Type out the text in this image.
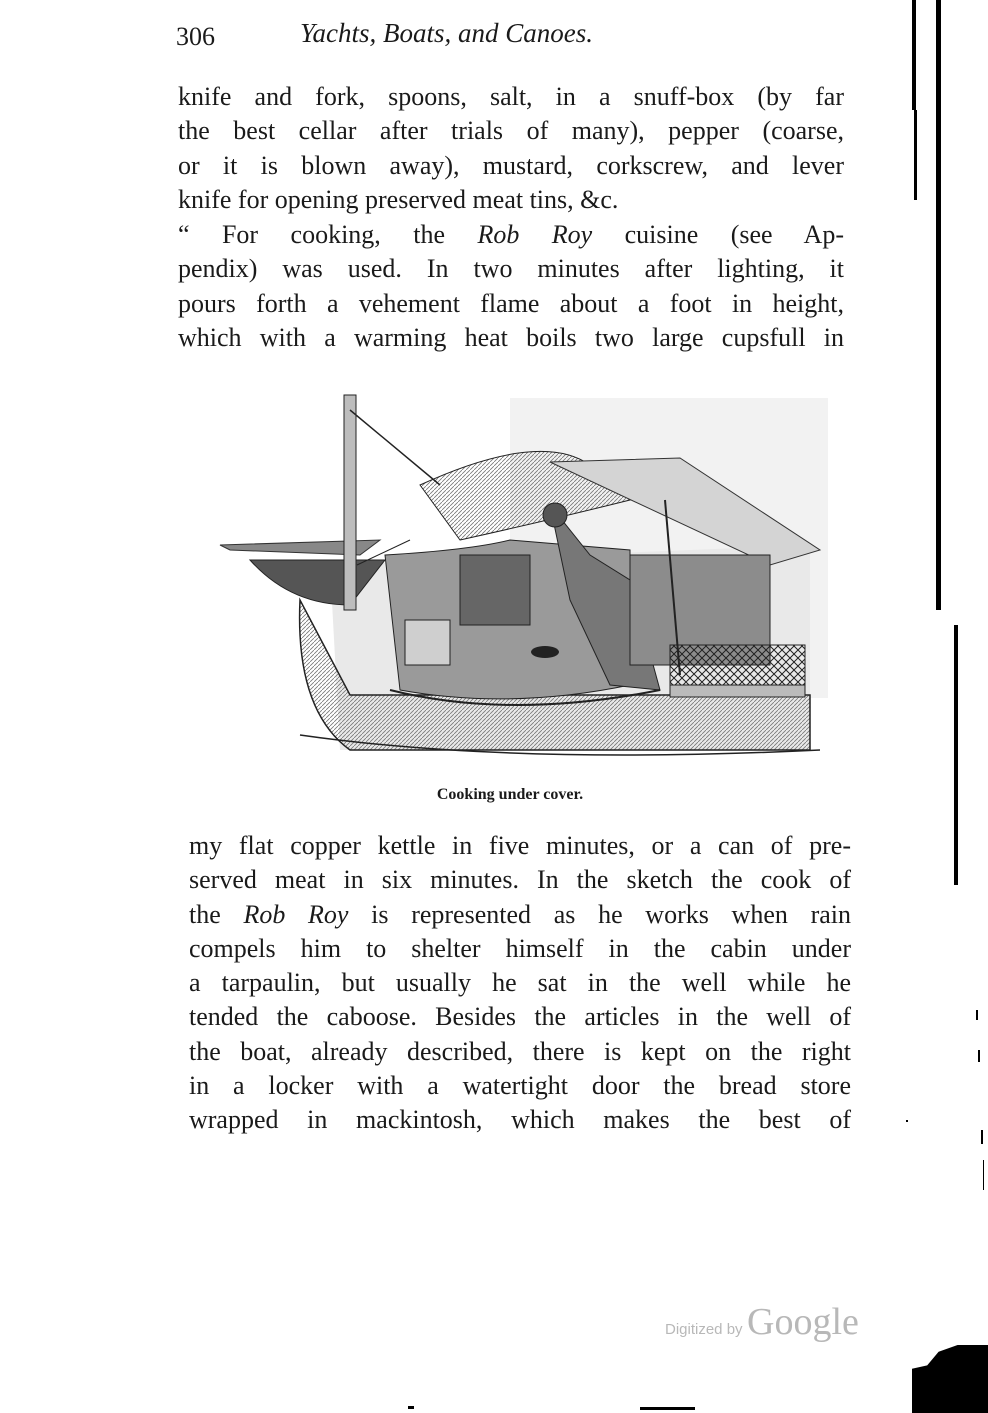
306	Yachts, Boats, and Canoes.

knife and fork, spoons, salt, in a snuff-box (by far
the best cellar after trials of many), pepper (coarse,
or it is blown away), mustard, corkscrew, and lever
knife for opening preserved meat tins, &c.

“ For cooking, the Rob Roy cuisine (see Ap-
pendix) was used. In two minutes after lighting, it
pours forth a vehement flame about a foot in height,
which with a warming heat boils two large cupsfull in

Cooking under cover.

my flat copper kettle in five minutes, or a can of pre-
served meat in six minutes. In the sketch the cook of
the Rob Roy is represented as he works when rain
compels him to shelter himself in the cabin under
a tarpaulin, but usually he sat in the well while he
tended the caboose. Besides the articles in the well of
the boat, already described, there is kept on the right
in a locker with a watertight door the bread store
wrapped in mackintosh, which makes the best of

Digitized by Google
